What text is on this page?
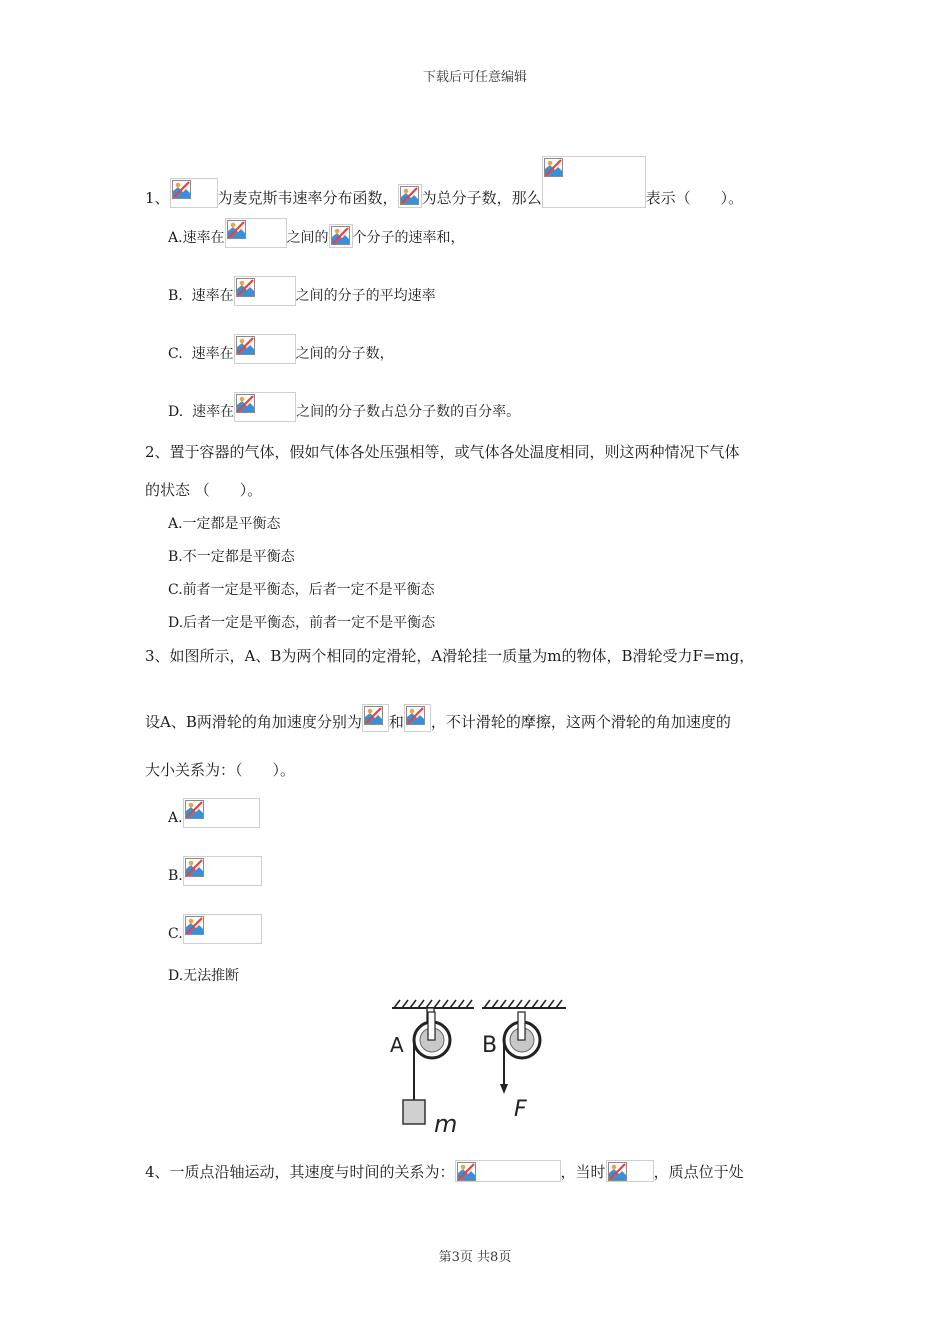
下载后可任意编辑
1、	为麦克斯韦速率分布函数， 为总分子数，那么	表示（　　）。
A.速率在	之间的 个分子的速率和，
B. 速率在	之间的分子的平均速率
C. 速率在	之间的分子数，
D. 速率在	之间的分子数占总分子数的百分率。
2、置于容器的气体，假如气体各处压强相等，或气体各处温度相同，则这两种情况下气体
的状态 （　　）。
A.一定都是平衡态
B.不一定都是平衡态
C.前者一定是平衡态，后者一定不是平衡态
D.后者一定是平衡态，前者一定不是平衡态
3、如图所示，A、B为两个相同的定滑轮，A滑轮挂一质量为m的物体，B滑轮受力F=mg，
设A、B两滑轮的角加速度分别为 和 ，不计滑轮的摩擦，这两个滑轮的角加速度的
大小关系为：（　　）。
A.
B.
C.
D.无法推断
A	B
m
F
4、一质点沿轴运动，其速度与时间的关系为：	，当时	，质点位于处
第3页 共8页
